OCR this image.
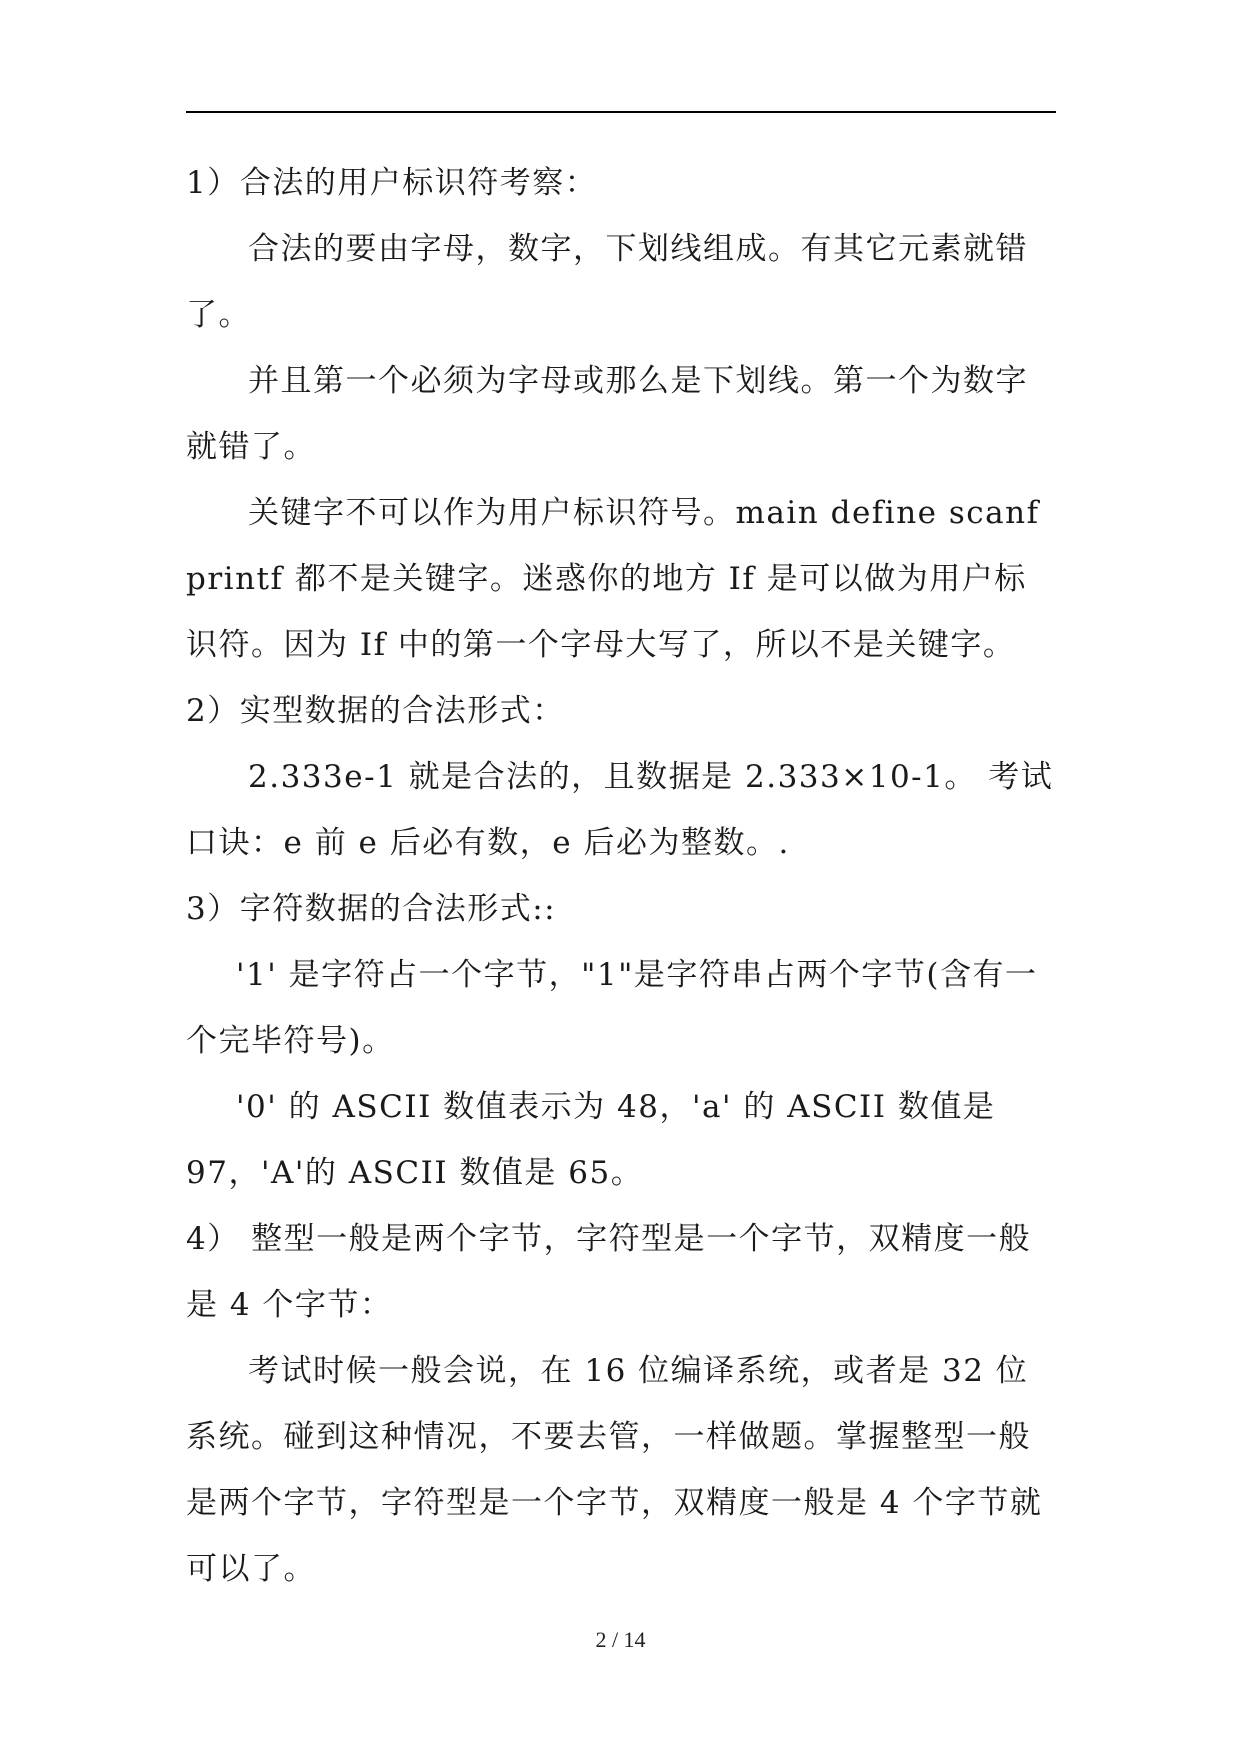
1）合法的用户标识符考察：

合法的要由字母，数字，下划线组成。有其它元素就错了。

并且第一个必须为字母或那么是下划线。第一个为数字就错了。

关键字不可以作为用户标识符号。main define scanf printf 都不是关键字。迷惑你的地方 If 是可以做为用户标识符。因为 If 中的第一个字母大写了，所以不是关键字。

2）实型数据的合法形式：

2.333e-1 就是合法的，且数据是 2.333×10-1。 考试口诀：e 前 e 后必有数，e 后必为整数。.

3）字符数据的合法形式::

'1' 是字符占一个字节，"1"是字符串占两个字节(含有一个完毕符号)。

'0' 的 ASCII 数值表示为 48，'a' 的 ASCII 数值是 97，'A'的 ASCII 数值是 65。

4） 整型一般是两个字节，字符型是一个字节，双精度一般是 4 个字节：

考试时候一般会说，在 16 位编译系统，或者是 32 位系统。碰到这种情况，不要去管，一样做题。掌握整型一般是两个字节，字符型是一个字节，双精度一般是 4 个字节就可以了。

2 / 14
